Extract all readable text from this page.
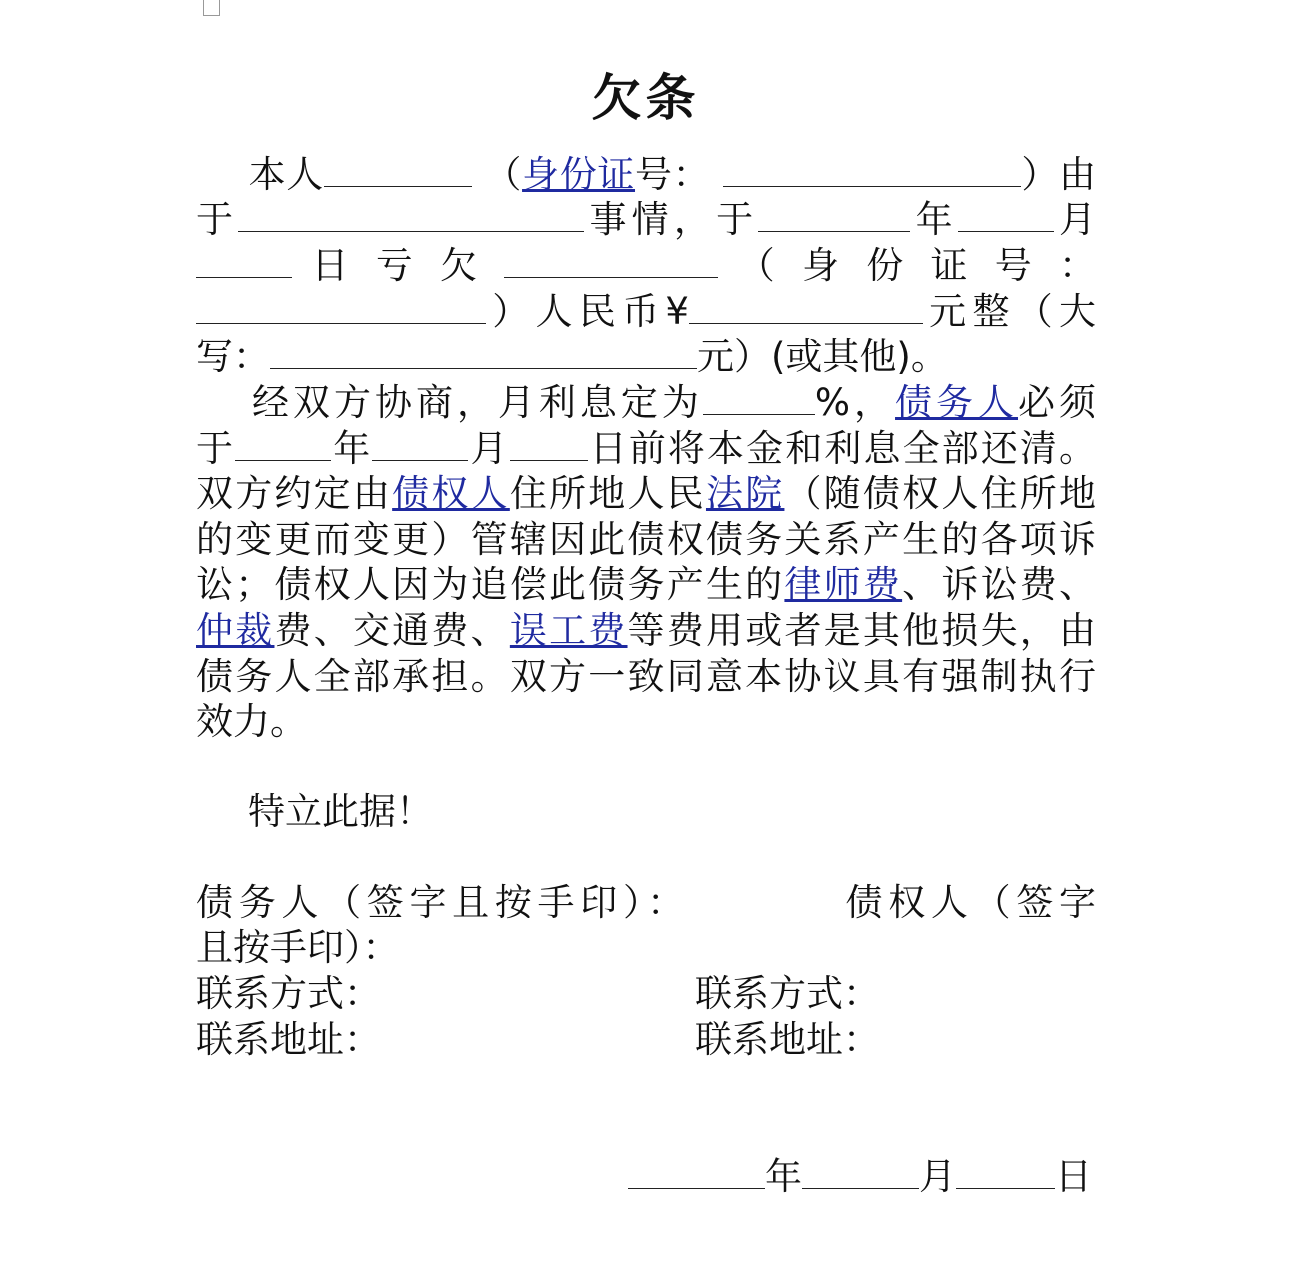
欠条
本人	（身份证号：	）由
于	事情，于	年	月
日 亏 欠	（ 身 份 证 号 ：
）人民币¥	元整（大
写：	元）(或其他)。
经双方协商，月利息定为	%，债务人必须
于	年	月 日前将本金和利息全部还清。
双方约定由债权人住所地人民法院（随债权人住所地
的变更而变更）管辖因此债权债务关系产生的各项诉
讼；债权人因为追偿此债务产生的律师费、诉讼费、
仲裁费、交通费、误工费等费用或者是其他损失，由
债务人全部承担。双方一致同意本协议具有强制执行
效力。
特立此据！
债务人（签字且按手印）：	债权人（签字
且按手印）：
联系方式：	联系方式：
联系地址：	联系地址：
年	月	日
